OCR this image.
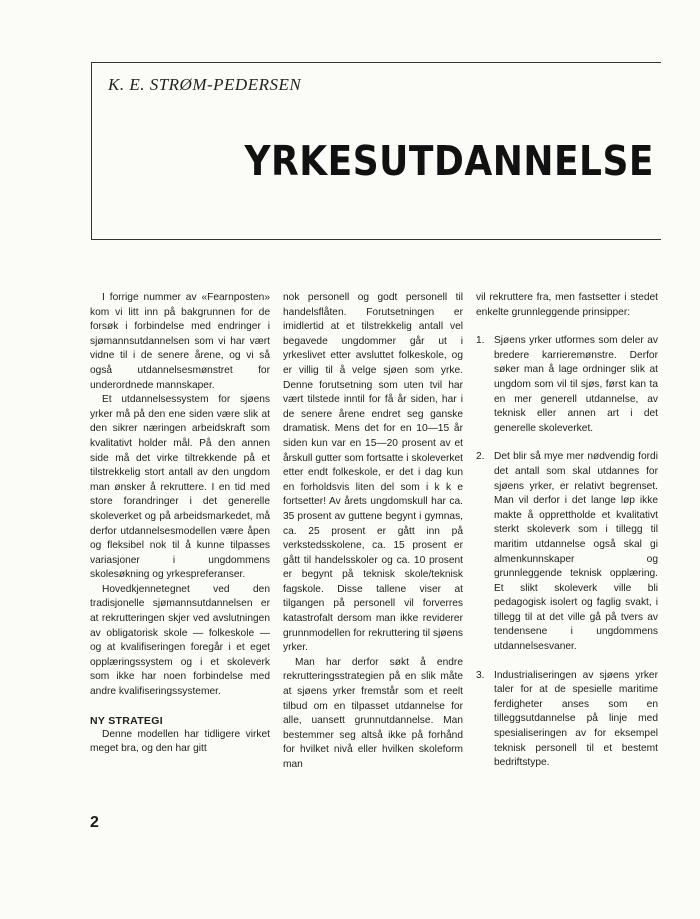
K. E. STRØM-PEDERSEN
YRKESUTDANNELSE

I forrige nummer av «Fearnposten» kom vi litt inn på bakgrunnen for de forsøk i forbindelse med endringer i sjømannsutdannelsen som vi har vært vidne til i de senere årene, og vi så også utdannelsesmønstret for underordnede mannskaper.

Et utdannelsessystem for sjøens yrker må på den ene siden være slik at den sikrer næringen arbeidskraft som kvalitativt holder mål. På den annen side må det virke tiltrekkende på et tilstrekkelig stort antall av den ungdom man ønsker å rekruttere. I en tid med store forandringer i det generelle skoleverket og på arbeidsmarkedet, må derfor utdannelsesmodellen være åpen og fleksibel nok til å kunne tilpasses variasjoner i ungdommens skolesøkning og yrkespreferanser.

Hovedkjennetegnet ved den tradisjonelle sjømannsutdannelsen er at rekrutteringen skjer ved avslutningen av obligatorisk skole — folkeskole — og at kvalifiseringen foregår i et eget opplæringssystem og i et skoleverk som ikke har noen forbindelse med andre kvalifiseringssystemer.

NY STRATEGI

Denne modellen har tidligere virket meget bra, og den har gitt

nok personell og godt personell til handelsflåten. Forutsetningen er imidlertid at et tilstrekkelig antall vel begavede ungdommer går ut i yrkeslivet etter avsluttet folkeskole, og er villig til å velge sjøen som yrke. Denne forutsetning som uten tvil har vært tilstede inntil for få år siden, har i de senere årene endret seg ganske dramatisk. Mens det for en 10—15 år siden kun var en 15—20 prosent av et årskull gutter som fortsatte i skoleverket etter endt folkeskole, er det i dag kun en forholdsvis liten del som i k k e fortsetter! Av årets ungdomskull har ca. 35 prosent av guttene begynt i gymnas, ca. 25 prosent er gått inn på verkstedsskolene, ca. 15 prosent er gått til handelsskoler og ca. 10 prosent er begynt på teknisk skole/teknisk fagskole. Disse tallene viser at tilgangen på personell vil forverres katastrofalt dersom man ikke reviderer grunnmodellen for rekruttering til sjøens yrker.

Man har derfor søkt å endre rekrutteringsstrategien på en slik måte at sjøens yrker fremstår som et reelt tilbud om en tilpasset utdannelse for alle, uansett grunnutdannelse. Man bestemmer seg altså ikke på forhånd for hvilket nivå eller hvilken skoleform man

vil rekruttere fra, men fastsetter i stedet enkelte grunnleggende prinsipper:

1. Sjøens yrker utformes som deler av bredere karrieremønstre. Derfor søker man å lage ordninger slik at ungdom som vil til sjøs, først kan ta en mer generell utdannelse, av teknisk eller annen art i det generelle skoleverket.
2. Det blir så mye mer nødvendig fordi det antall som skal utdannes for sjøens yrker, er relativt begrenset. Man vil derfor i det lange løp ikke makte å opprettholde et kvalitativt sterkt skoleverk som i tillegg til maritim utdannelse også skal gi almenkunnskaper og grunnleggende teknisk opplæring. Et slikt skoleverk ville bli pedagogisk isolert og faglig svakt, i tillegg til at det ville gå på tvers av tendensene i ungdommens utdannelsesvaner.
3. Industrialiseringen av sjøens yrker taler for at de spesielle maritime ferdigheter anses som en tilleggsutdannelse på linje med spesialiseringen av for eksempel teknisk personell til et bestemt bedriftstype.
2
